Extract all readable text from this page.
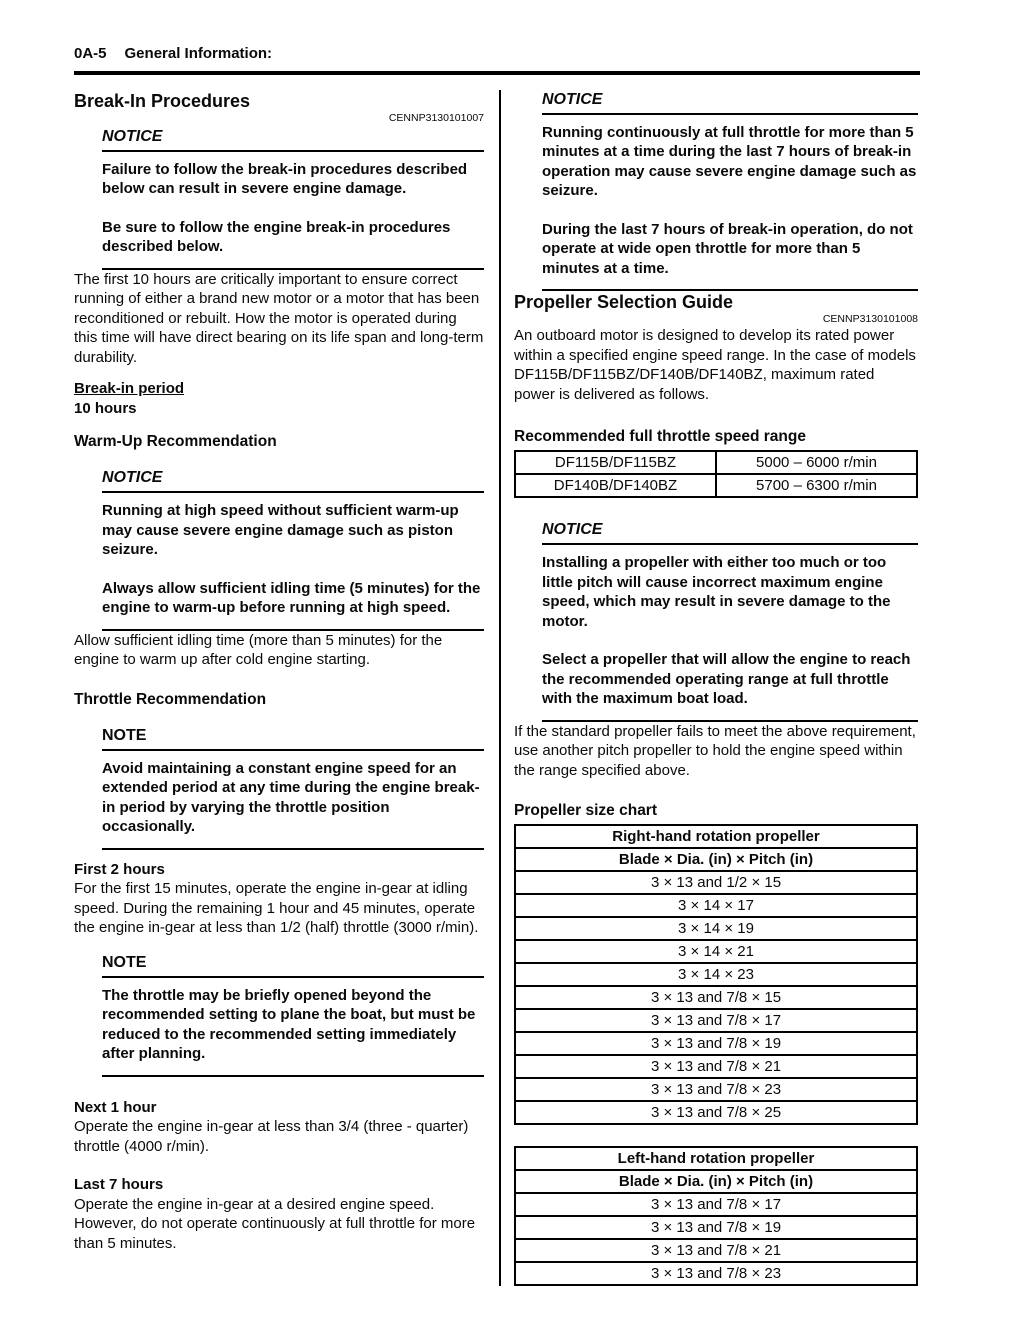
0A-5 General Information:
Break-In Procedures
CENNP3130101007
NOTICE

Failure to follow the break-in procedures described below can result in severe engine damage.

Be sure to follow the engine break-in procedures described below.

The first 10 hours are critically important to ensure correct running of either a brand new motor or a motor that has been reconditioned or rebuilt. How the motor is operated during this time will have direct bearing on its life span and long-term durability.

Break-in period
10 hours
Warm-Up Recommendation
NOTICE

Running at high speed without sufficient warm-up may cause severe engine damage such as piston seizure.

Always allow sufficient idling time (5 minutes) for the engine to warm-up before running at high speed.

Allow sufficient idling time (more than 5 minutes) for the engine to warm up after cold engine starting.

Throttle Recommendation
NOTE

Avoid maintaining a constant engine speed for an extended period at any time during the engine break-in period by varying the throttle position occasionally.

First 2 hours

For the first 15 minutes, operate the engine in-gear at idling speed. During the remaining 1 hour and 45 minutes, operate the engine in-gear at less than 1/2 (half) throttle (3000 r/min).

NOTE

The throttle may be briefly opened beyond the recommended setting to plane the boat, but must be reduced to the recommended setting immediately after planning.

Next 1 hour

Operate the engine in-gear at less than 3/4 (three - quarter) throttle (4000 r/min).

Last 7 hours

Operate the engine in-gear at a desired engine speed. However, do not operate continuously at full throttle for more than 5 minutes.

NOTICE

Running continuously at full throttle for more than 5 minutes at a time during the last 7 hours of break-in operation may cause severe engine damage such as seizure.

During the last 7 hours of break-in operation, do not operate at wide open throttle for more than 5 minutes at a time.

Propeller Selection Guide
CENNP3130101008

An outboard motor is designed to develop its rated power within a specified engine speed range. In the case of models DF115B/DF115BZ/DF140B/DF140BZ, maximum rated power is delivered as follows.

Recommended full throttle speed range
DF115B/DF115BZ	5000 – 6000 r/min
DF140B/DF140BZ	5700 – 6300 r/min
NOTICE

Installing a propeller with either too much or too little pitch will cause incorrect maximum engine speed, which may result in severe damage to the motor.

Select a propeller that will allow the engine to reach the recommended operating range at full throttle with the maximum boat load.

If the standard propeller fails to meet the above requirement, use another pitch propeller to hold the engine speed within the range specified above.

Propeller size chart
Right-hand rotation propeller
Blade × Dia. (in) × Pitch (in)
3 × 13 and 1/2 × 15
3 × 14 × 17
3 × 14 × 19
3 × 14 × 21
3 × 14 × 23
3 × 13 and 7/8 × 15
3 × 13 and 7/8 × 17
3 × 13 and 7/8 × 19
3 × 13 and 7/8 × 21
3 × 13 and 7/8 × 23
3 × 13 and 7/8 × 25
Left-hand rotation propeller
Blade × Dia. (in) × Pitch (in)
3 × 13 and 7/8 × 17
3 × 13 and 7/8 × 19
3 × 13 and 7/8 × 21
3 × 13 and 7/8 × 23
